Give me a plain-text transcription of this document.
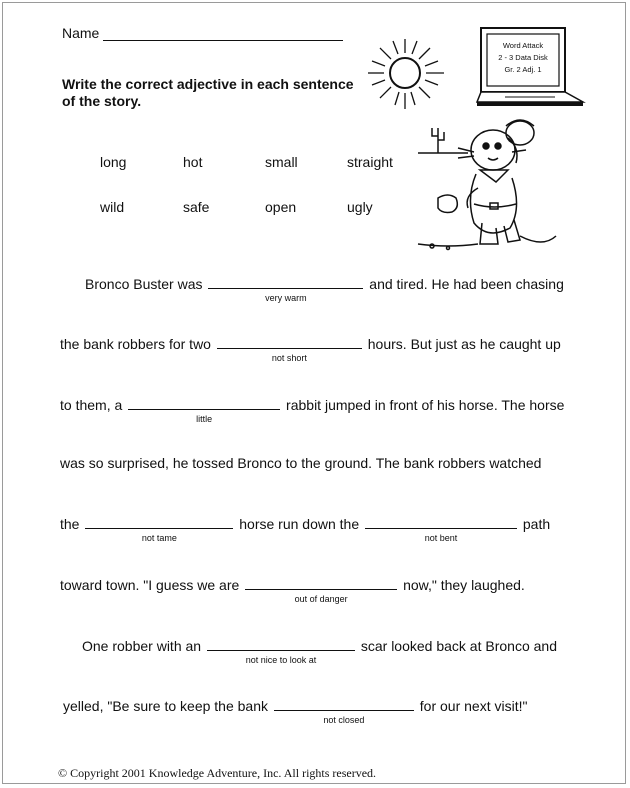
Name
Write the correct adjective in each sentence of the story.
Word Attack
2 - 3 Data Disk
Gr. 2 Adj. 1
long	hot	small	straight
wild	safe	open	ugly
Bronco Buster was
very warm
and tired. He had been chasing
the bank robbers for two
not short
hours. But just as he caught up
to them, a
little
rabbit jumped in front of his horse. The horse
was so surprised, he tossed Bronco to the ground. The bank robbers watched
the
not tame
horse run down the
not bent
path
toward town. "I guess we are
out of danger
now," they laughed.
One robber with an
not nice to look at
scar looked back at Bronco and
yelled, "Be sure to keep the bank
not closed
for our next visit!"
© Copyright 2001 Knowledge Adventure, Inc. All rights reserved.
